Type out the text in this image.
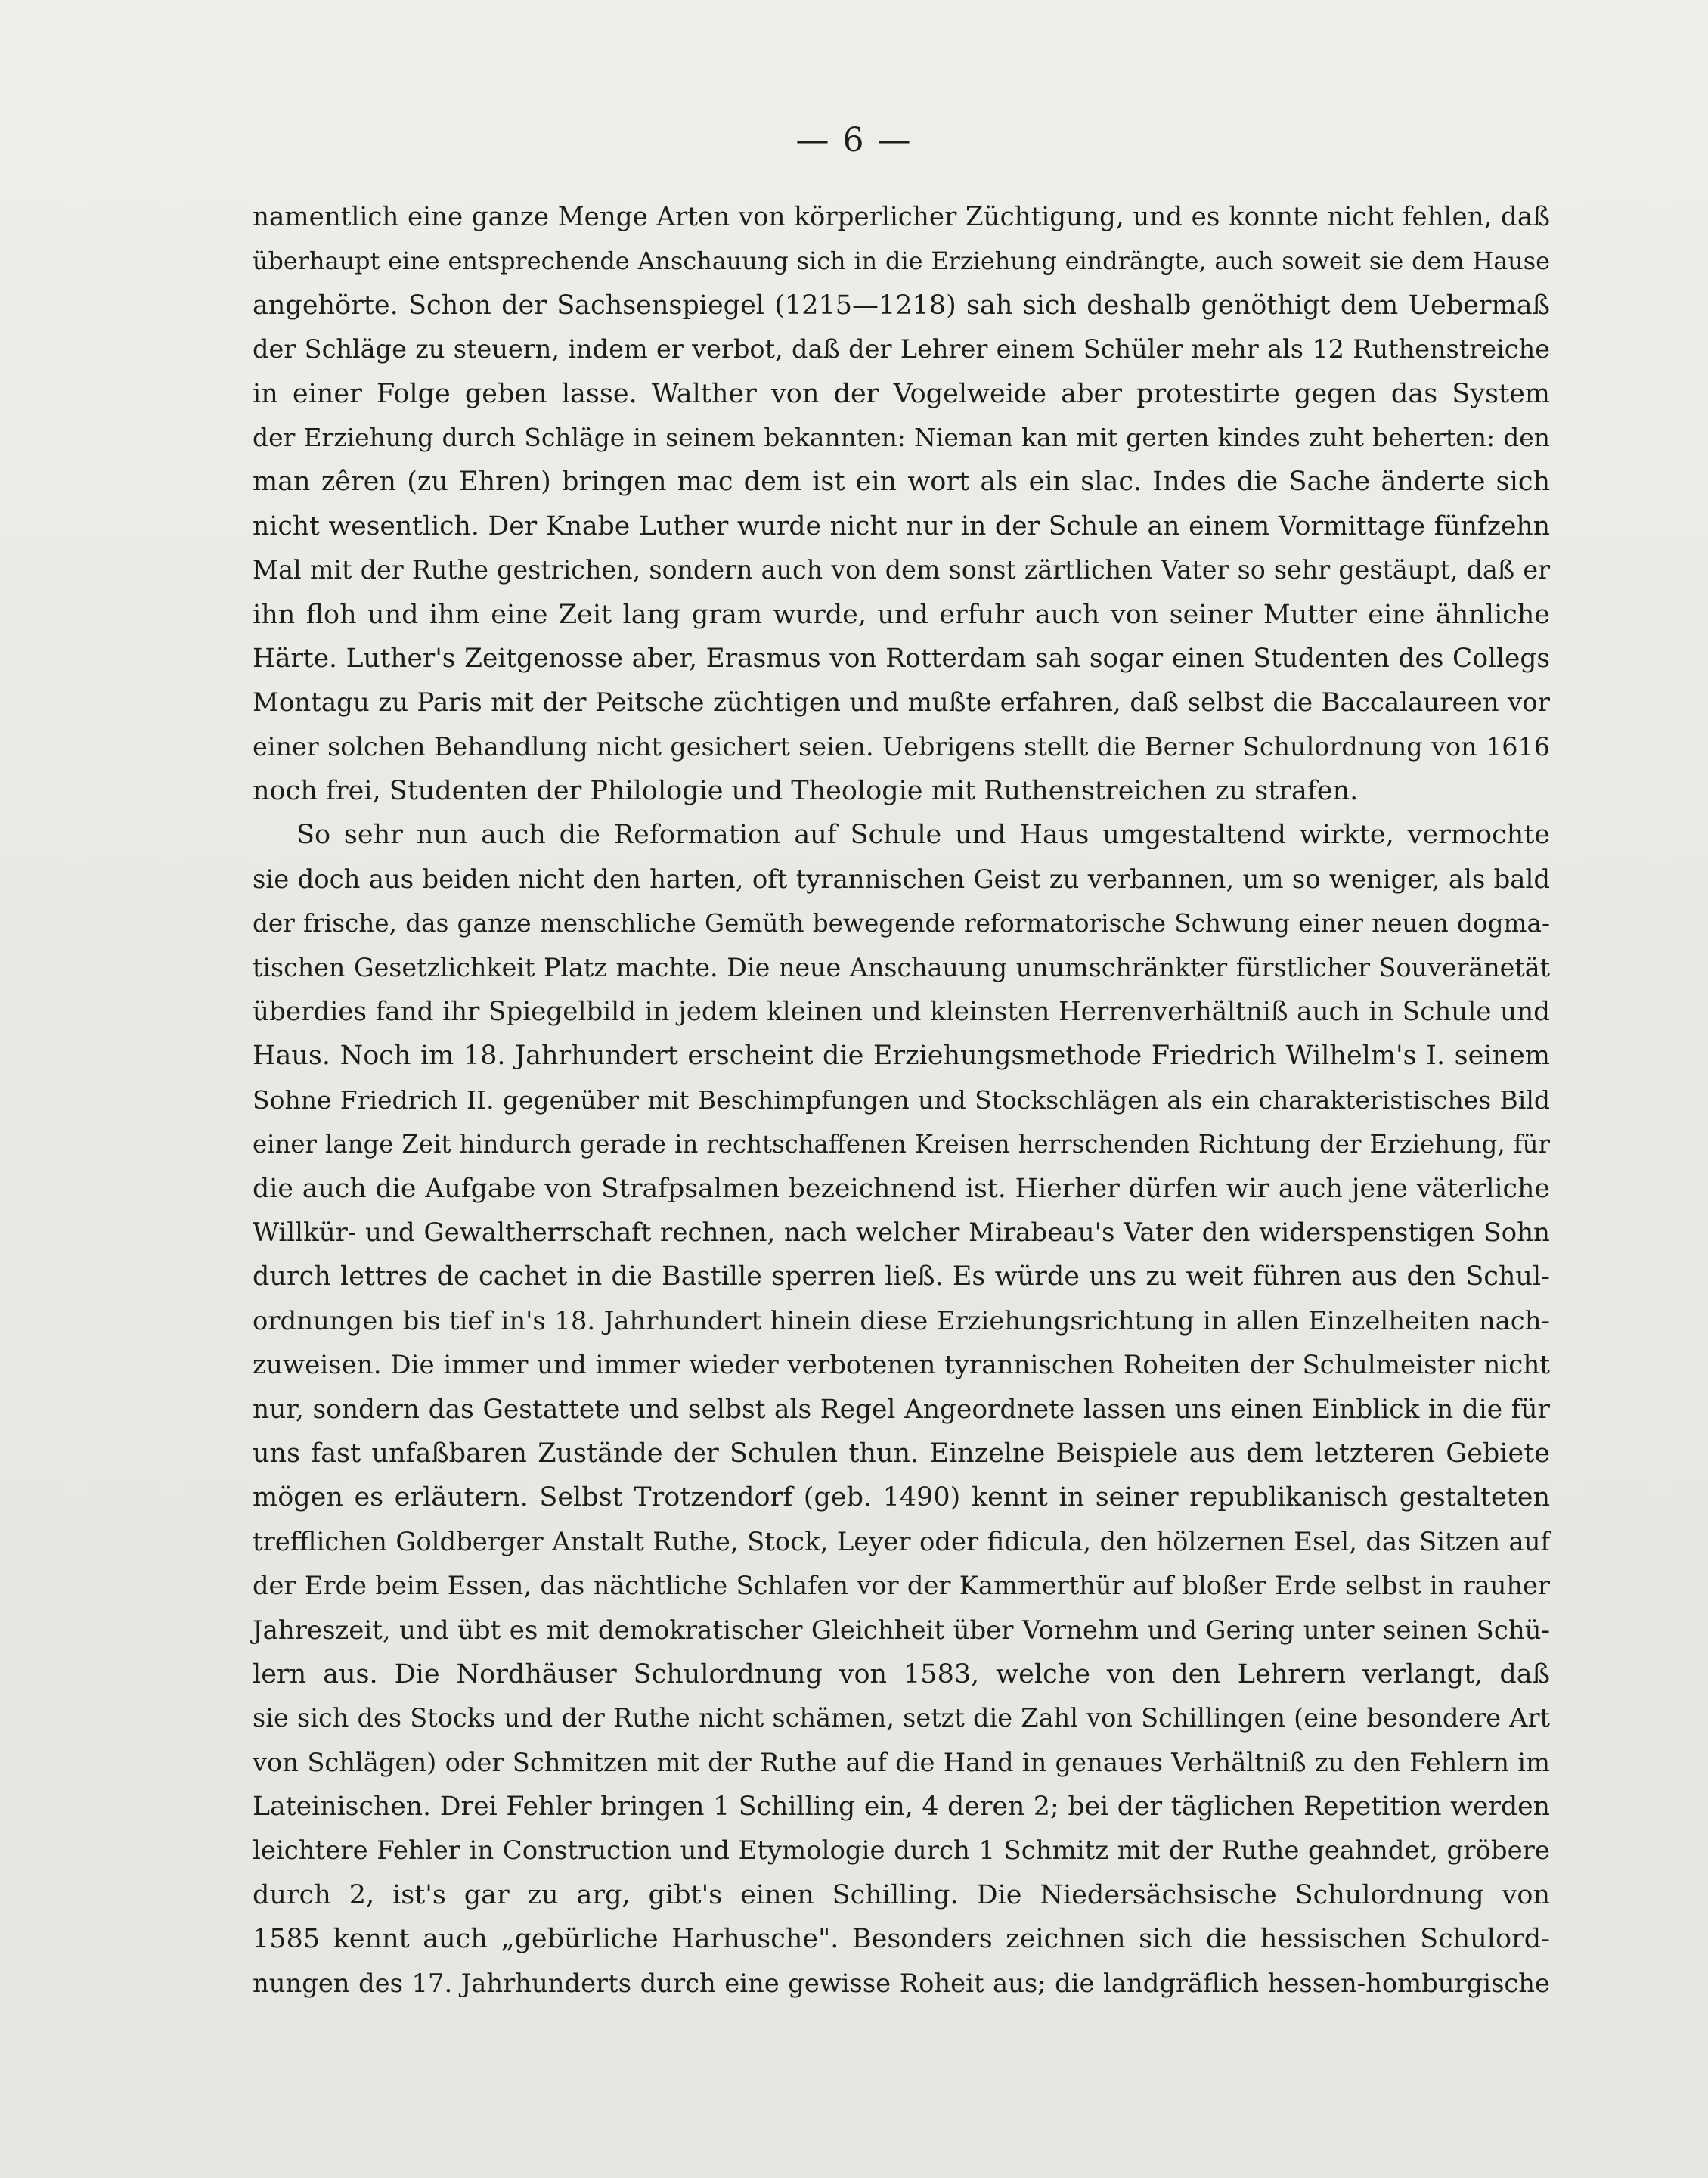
— 6 —
namentlich eine ganze Menge Arten von körperlicher Züchtigung, und es konnte nicht fehlen, daß
überhaupt eine entsprechende Anschauung sich in die Erziehung eindrängte, auch soweit sie dem Hause
angehörte. Schon der Sachsenspiegel (1215—1218) sah sich deshalb genöthigt dem Uebermaß
der Schläge zu steuern, indem er verbot, daß der Lehrer einem Schüler mehr als 12 Ruthenstreiche
in einer Folge geben lasse. Walther von der Vogelweide aber protestirte gegen das System
der Erziehung durch Schläge in seinem bekannten: Nieman kan mit gerten kindes zuht beherten: den
man zêren (zu Ehren) bringen mac dem ist ein wort als ein slac. Indes die Sache änderte sich
nicht wesentlich. Der Knabe Luther wurde nicht nur in der Schule an einem Vormittage fünfzehn
Mal mit der Ruthe gestrichen, sondern auch von dem sonst zärtlichen Vater so sehr gestäupt, daß er
ihn floh und ihm eine Zeit lang gram wurde, und erfuhr auch von seiner Mutter eine ähnliche
Härte. Luther's Zeitgenosse aber, Erasmus von Rotterdam sah sogar einen Studenten des Collegs
Montagu zu Paris mit der Peitsche züchtigen und mußte erfahren, daß selbst die Baccalaureen vor
einer solchen Behandlung nicht gesichert seien. Uebrigens stellt die Berner Schulordnung von 1616
noch frei, Studenten der Philologie und Theologie mit Ruthenstreichen zu strafen.
So sehr nun auch die Reformation auf Schule und Haus umgestaltend wirkte, vermochte
sie doch aus beiden nicht den harten, oft tyrannischen Geist zu verbannen, um so weniger, als bald
der frische, das ganze menschliche Gemüth bewegende reformatorische Schwung einer neuen dogma-
tischen Gesetzlichkeit Platz machte. Die neue Anschauung unumschränkter fürstlicher Souveränetät
überdies fand ihr Spiegelbild in jedem kleinen und kleinsten Herrenverhältniß auch in Schule und
Haus. Noch im 18. Jahrhundert erscheint die Erziehungsmethode Friedrich Wilhelm's I. seinem
Sohne Friedrich II. gegenüber mit Beschimpfungen und Stockschlägen als ein charakteristisches Bild
einer lange Zeit hindurch gerade in rechtschaffenen Kreisen herrschenden Richtung der Erziehung, für
die auch die Aufgabe von Strafpsalmen bezeichnend ist. Hierher dürfen wir auch jene väterliche
Willkür- und Gewaltherrschaft rechnen, nach welcher Mirabeau's Vater den widerspenstigen Sohn
durch lettres de cachet in die Bastille sperren ließ. Es würde uns zu weit führen aus den Schul-
ordnungen bis tief in's 18. Jahrhundert hinein diese Erziehungsrichtung in allen Einzelheiten nach-
zuweisen. Die immer und immer wieder verbotenen tyrannischen Roheiten der Schulmeister nicht
nur, sondern das Gestattete und selbst als Regel Angeordnete lassen uns einen Einblick in die für
uns fast unfaßbaren Zustände der Schulen thun. Einzelne Beispiele aus dem letzteren Gebiete
mögen es erläutern. Selbst Trotzendorf (geb. 1490) kennt in seiner republikanisch gestalteten
trefflichen Goldberger Anstalt Ruthe, Stock, Leyer oder fidicula, den hölzernen Esel, das Sitzen auf
der Erde beim Essen, das nächtliche Schlafen vor der Kammerthür auf bloßer Erde selbst in rauher
Jahreszeit, und übt es mit demokratischer Gleichheit über Vornehm und Gering unter seinen Schü-
lern aus. Die Nordhäuser Schulordnung von 1583, welche von den Lehrern verlangt, daß
sie sich des Stocks und der Ruthe nicht schämen, setzt die Zahl von Schillingen (eine besondere Art
von Schlägen) oder Schmitzen mit der Ruthe auf die Hand in genaues Verhältniß zu den Fehlern im
Lateinischen. Drei Fehler bringen 1 Schilling ein, 4 deren 2; bei der täglichen Repetition werden
leichtere Fehler in Construction und Etymologie durch 1 Schmitz mit der Ruthe geahndet, gröbere
durch 2, ist's gar zu arg, gibt's einen Schilling. Die Niedersächsische Schulordnung von
1585 kennt auch „gebürliche Harhusche". Besonders zeichnen sich die hessischen Schulord-
nungen des 17. Jahrhunderts durch eine gewisse Roheit aus; die landgräflich hessen-homburgische
